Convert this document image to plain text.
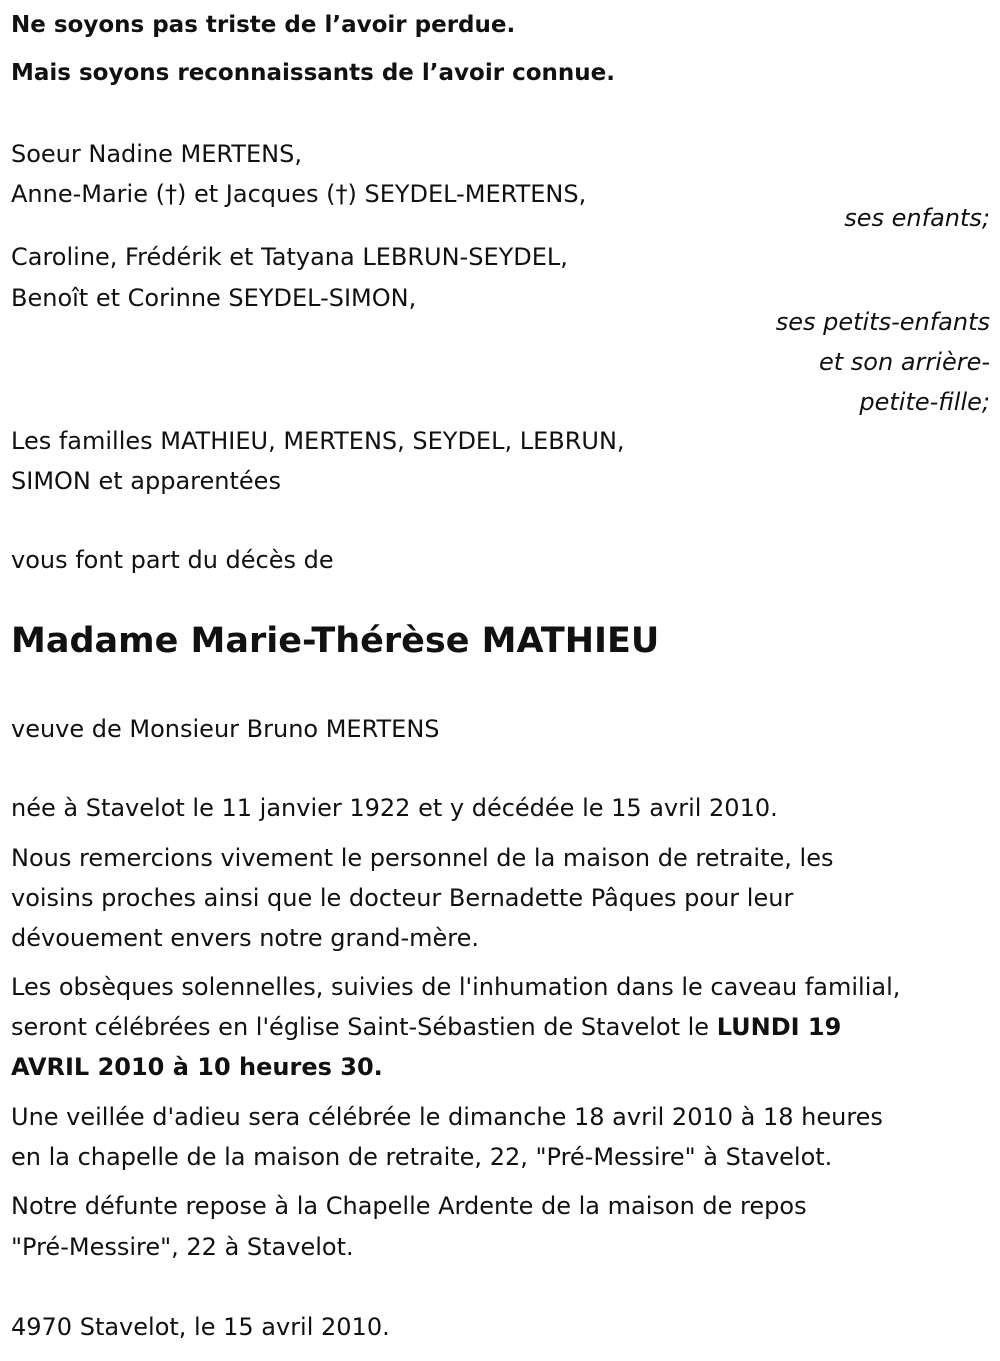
Ne soyons pas triste de l’avoir perdue.
Mais soyons reconnaissants de l’avoir connue.
Soeur Nadine MERTENS,
Anne-Marie (†) et Jacques (†) SEYDEL-MERTENS,
ses enfants;
Caroline, Frédérik et Tatyana LEBRUN-SEYDEL,
Benoît et Corinne SEYDEL-SIMON,
ses petits-enfants
et son arrière-
petite-fille;
Les familles MATHIEU, MERTENS, SEYDEL, LEBRUN,
SIMON et apparentées
vous font part du décès de
Madame Marie-Thérèse MATHIEU
veuve de Monsieur Bruno MERTENS
née à Stavelot le 11 janvier 1922 et y décédée le 15 avril 2010.
Nous remercions vivement le personnel de la maison de retraite, les
voisins proches ainsi que le docteur Bernadette Pâques pour leur
dévouement envers notre grand-mère.
Les obsèques solennelles, suivies de l'inhumation dans le caveau familial,
seront célébrées en l'église Saint-Sébastien de Stavelot le LUNDI 19
AVRIL 2010 à 10 heures 30.
Une veillée d'adieu sera célébrée le dimanche 18 avril 2010 à 18 heures
en la chapelle de la maison de retraite, 22, "Pré-Messire" à Stavelot.
Notre défunte repose à la Chapelle Ardente de la maison de repos
"Pré-Messire", 22 à Stavelot.
4970 Stavelot, le 15 avril 2010.
